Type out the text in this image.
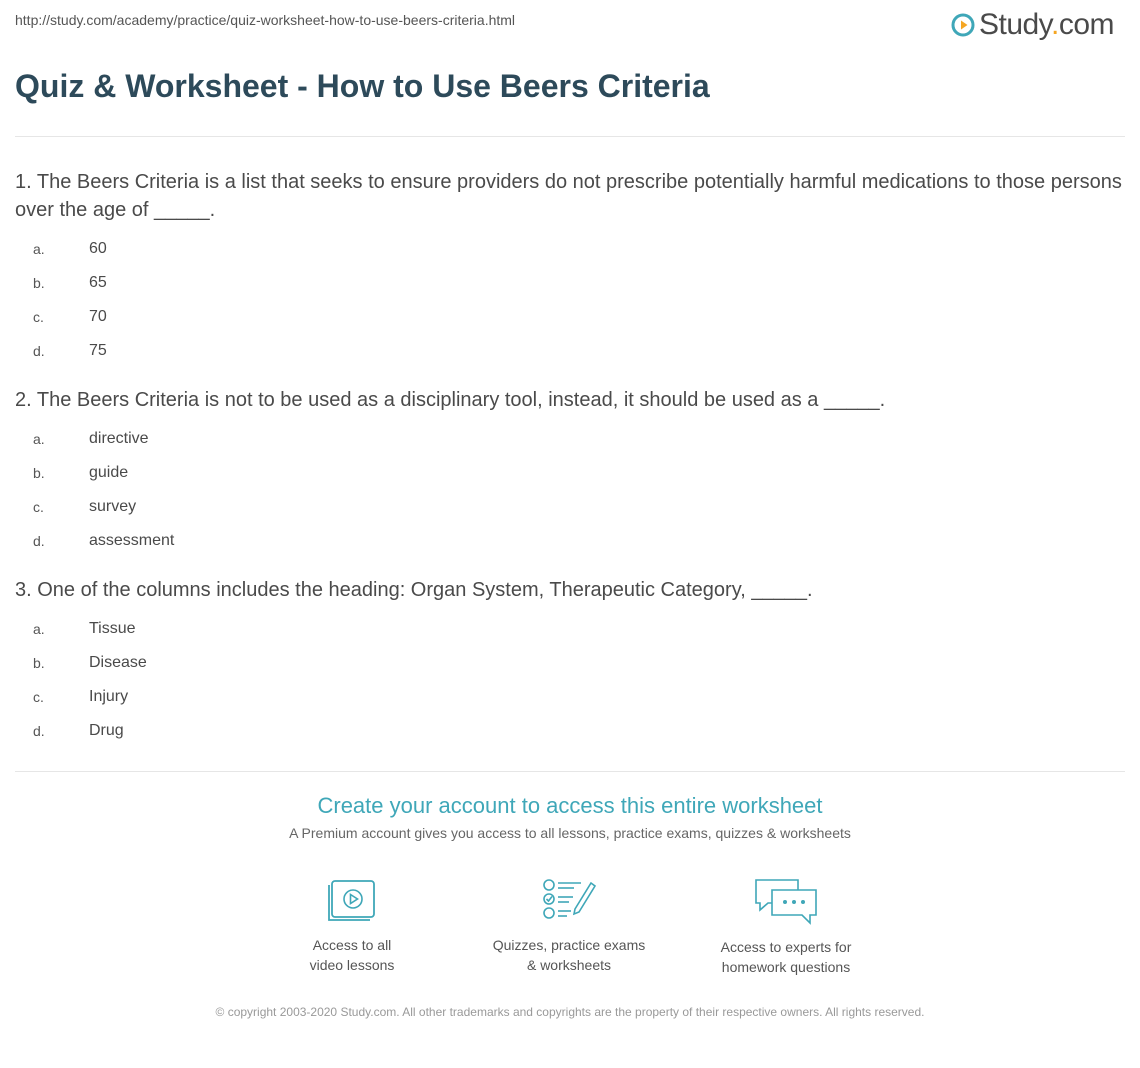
http://study.com/academy/practice/quiz-worksheet-how-to-use-beers-criteria.html	Study.com
Quiz & Worksheet - How to Use Beers Criteria

1. The Beers Criteria is a list that seeks to ensure providers do not prescribe potentially harmful medications to those persons over the age of _____.

a.	60
b.	65
c.	70
d.	75

2. The Beers Criteria is not to be used as a disciplinary tool, instead, it should be used as a _____.

a.	directive
b.	guide
c.	survey
d.	assessment

3. One of the columns includes the heading: Organ System, Therapeutic Category, _____.

a.	Tissue
b.	Disease
c.	Injury
d.	Drug

Create your account to access this entire worksheet

A Premium account gives you access to all lessons, practice exams, quizzes & worksheets
Access to all
video lessons
Quizzes, practice exams
& worksheets
Access to experts for
homework questions
© copyright 2003-2020 Study.com. All other trademarks and copyrights are the property of their respective owners. All rights reserved.
